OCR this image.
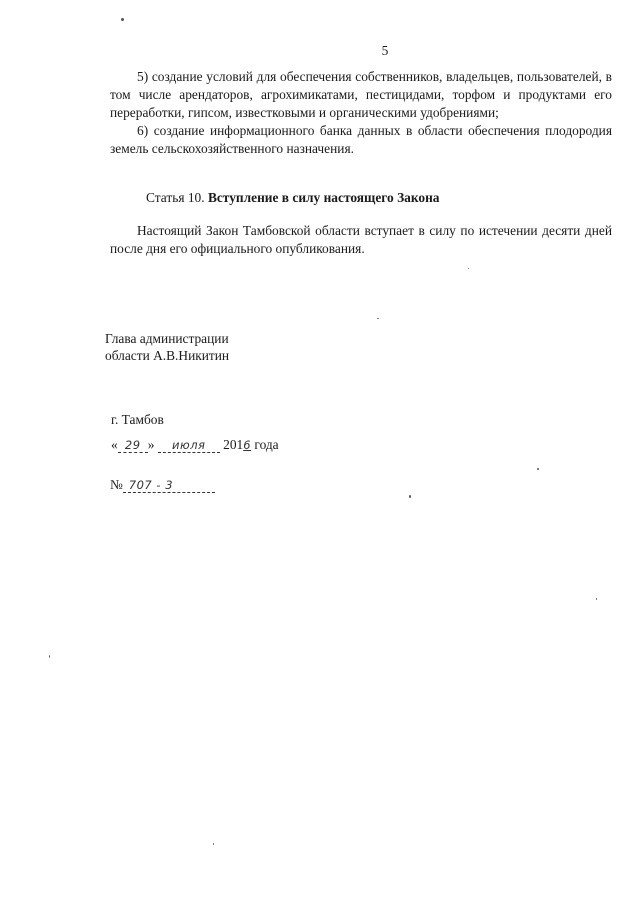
5

5) создание условий для обеспечения собственников, владельцев, пользователей, в том числе арендаторов, агрохимикатами, пестицидами, торфом и продуктами его переработки, гипсом, известковыми и органическими удобрениями;

6) создание информационного банка данных в области обеспечения плодородия земель сельскохозяйственного назначения.

Статья 10. Вступление в силу настоящего Закона

Настоящий Закон Тамбовской области вступает в силу по истечении десяти дней после дня его официального опубликования.

Глава администрации
области А.В.Никитин
г. Тамбов
« 29 » июля 2016 года
№ 707 - 3
